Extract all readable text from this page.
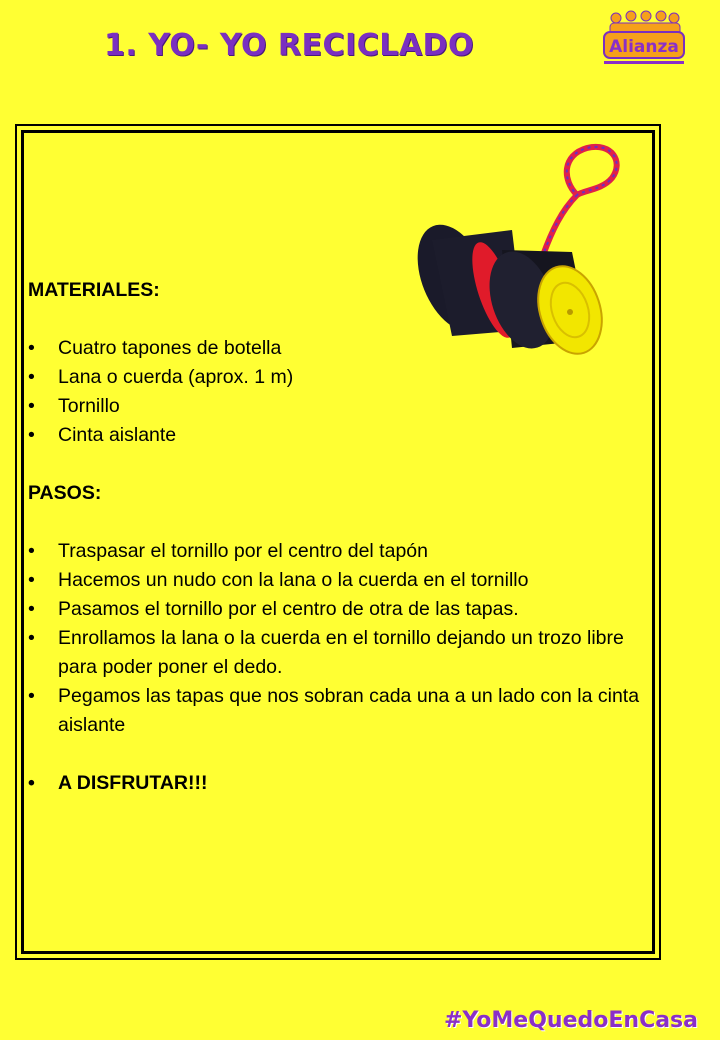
1. YO- YO RECICLADO	Alianza

MATERIALES:

• Cuatro tapones de botella
• Lana o cuerda (aprox. 1 m)
• Tornillo
• Cinta aislante

PASOS:

• Traspasar el tornillo por el centro del tapón
• Hacemos un nudo con la lana o la cuerda en el tornillo
• Pasamos el tornillo por el centro de otra de las tapas.
• Enrollamos la lana o la cuerda en el tornillo dejando un trozo libre para poder poner el dedo.
• Pegamos las tapas que nos sobran cada una a un lado con la cinta aislante
• A DISFRUTAR!!!
#YoMeQuedoEnCasa
